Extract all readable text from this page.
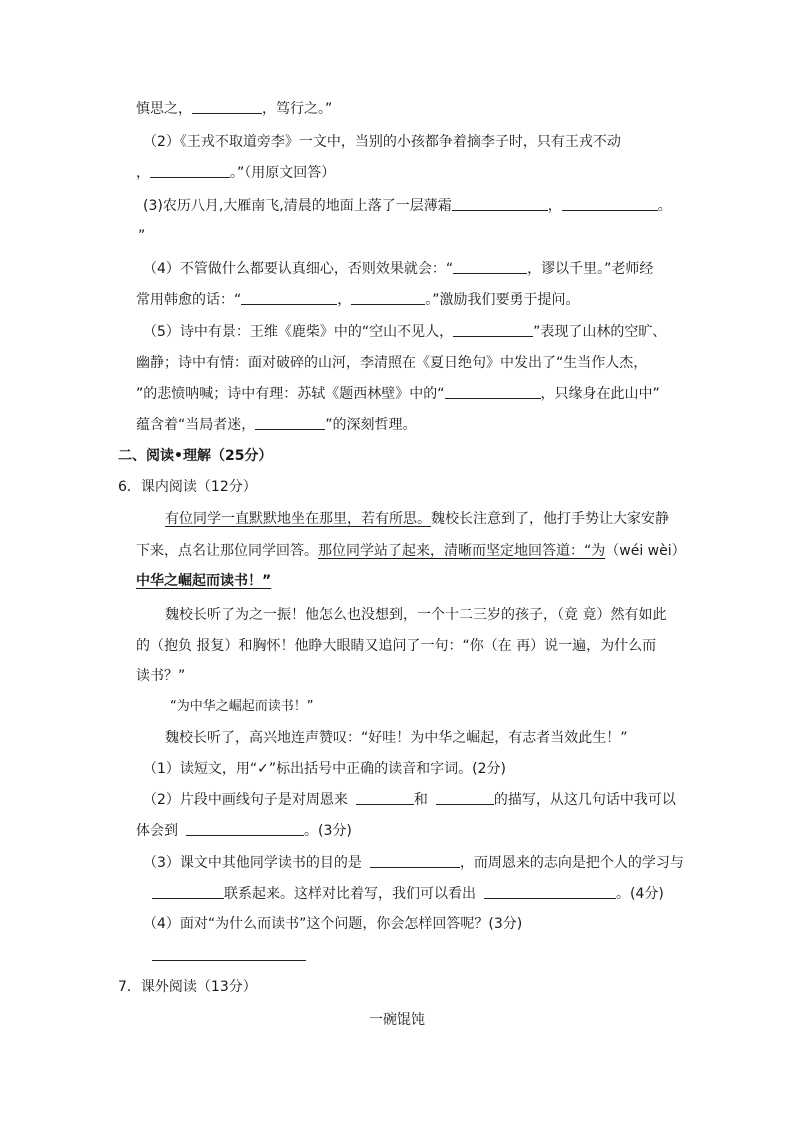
慎思之，	，笃行之。”
（2）《王戎不取道旁李》一文中，当别的小孩都争着摘李子时，只有王戎不动
，	。”（用原文回答）
(3)农历八月,大雁南飞,清晨的地面上落了一层薄霜	，	。
”
（4）不管做什么都要认真细心，否则效果就会：“	，谬以千里。”老师经
常用韩愈的话：“	，	。”激励我们要勇于提问。
（5）诗中有景：王维《鹿柴》中的“空山不见人，	”表现了山林的空旷、
幽静；诗中有情：面对破碎的山河，李清照在《夏日绝句》中发出了“生当作人杰，
”的悲愤呐喊；诗中有理：苏轼《题西林壁》中的“	，只缘身在此山中”
蕴含着“当局者迷，	”的深刻哲理。
二、阅读•理解（25分）
6．课内阅读（12分）
有位同学一直默默地坐在那里，若有所思。魏校长注意到了，他打手势让大家安静
下来，点名让那位同学回答。那位同学站了起来，清晰而坚定地回答道：“为（wéi wèi）
中华之崛起而读书！”
魏校长听了为之一振！他怎么也没想到，一个十二三岁的孩子，（竟 竟）然有如此
的（抱负 报复）和胸怀！他睁大眼睛又追问了一句：“你（在 再）说一遍，为什么而
读书？”
“为中华之崛起而读书！”
魏校长听了，高兴地连声赞叹：“好哇！为中华之崛起，有志者当效此生！”
（1）读短文，用“✓”标出括号中正确的读音和字词。(2分)
（2）片段中画线句子是对周恩来	和	的描写，从这几句话中我可以
体会到	。(3分)
（3）课文中其他同学读书的目的是	，而周恩来的志向是把个人的学习与
联系起来。这样对比着写，我们可以看出	。(4分)
（4）面对“为什么而读书”这个问题，你会怎样回答呢？(3分)
7．课外阅读（13分）
一碗馄饨
